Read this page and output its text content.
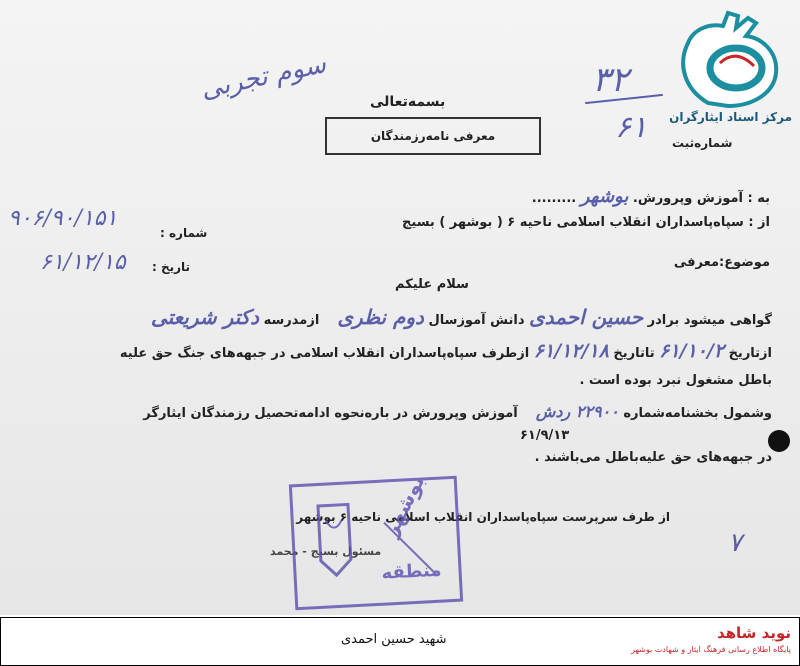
سوم تجربی	۳۲
۶۱
بسمه‌تعالی
معرفی نامه‌رزمندگان	شماره‌ثبت
به : آموزش وپرورش. بوشهر .........
از : سپاه‌پاسداران انقلاب اسلامی ناحیه ۶ ( بوشهر ) بسیج
شماره :
۹۰۶/۹۰/۱۵۱
تاریخ :
۶۱/۱۲/۱۵	موضوع:معرفی
سلام علیکم
گواهی میشود برادر حسین احمدی دانش آموزسال دوم نظری    ازمدرسه دکتر شریعتی
ازتاریخ ۶۱/۱۰/۲ تاتاریخ ۶۱/۱۲/۱۸ ازطرف سپاه‌پاسداران انقلاب اسلامی در جبهه‌های جنگ حق علیه
باطل مشغول نبرد بوده است .
وشمول بخشنامه‌شماره ۲۲۹۰۰ ردش    آموزش وپرورش در باره‌نحوه ادامه‌تحصیل رزمندگان ایثارگر
۶۱/۹/۱۳
در جبهه‌های حق علیه‌باطل می‌باشند .
از طرف سرپرست سپاه‌پاسداران انقلاب اسلامی ناحیه ۶ بوشهر
مسئول بسیج - محمد
بوشهر
منطقه
۷
مرکز اسناد ایثارگران
شهید حسین احمدی	نوید شاهد
پایگاه اطلاع رسانی فرهنگ ایثار و شهادت بوشهر
